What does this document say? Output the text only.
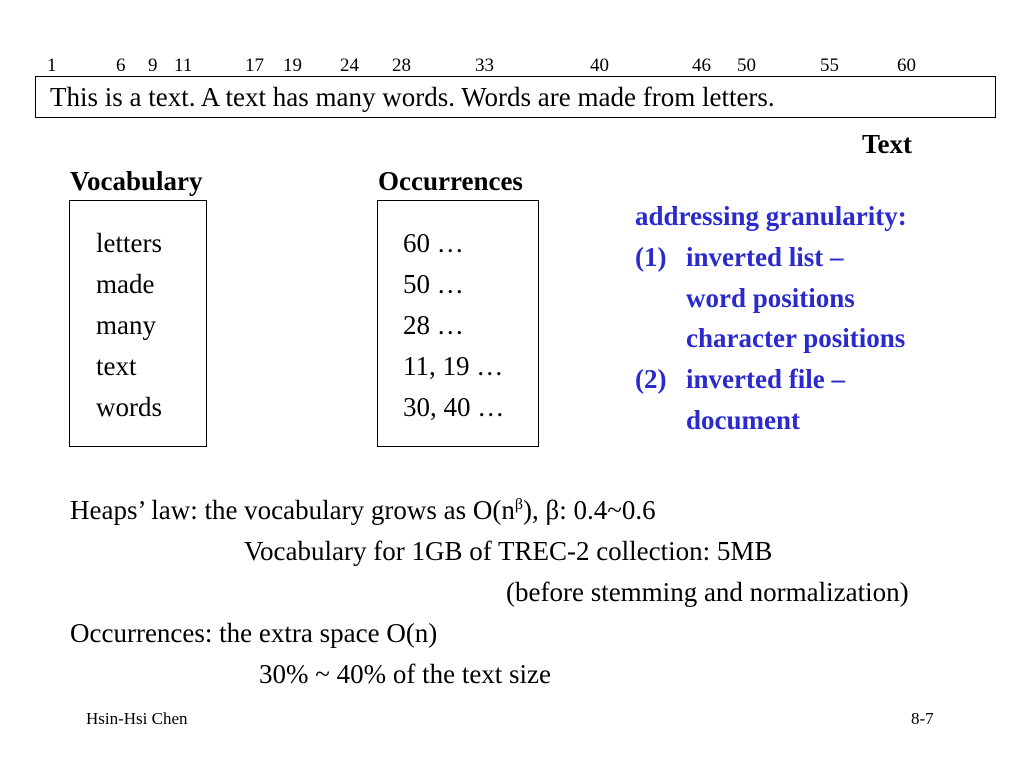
1	6 9 11	17 19 24 28	33	40	46 50	55	60
This is a text. A text has many words. Words are made from letters.
Text
Vocabulary
letters
made
many
text
words
Occurrences
60 …
50 …
28 …
11, 19 …
30, 40 …
addressing granularity:
(1) inverted list –
word positions
character positions
(2) inverted file –
document
Heaps’ law: the vocabulary grows as $O(n^\beta)$, β: 0.4~0.6
Vocabulary for 1GB of TREC-2 collection: 5MB
(before stemming and normalization)
Occurrences: the extra space O(n)
30% ~ 40% of the text size
Hsin-Hsi Chen	8-7
